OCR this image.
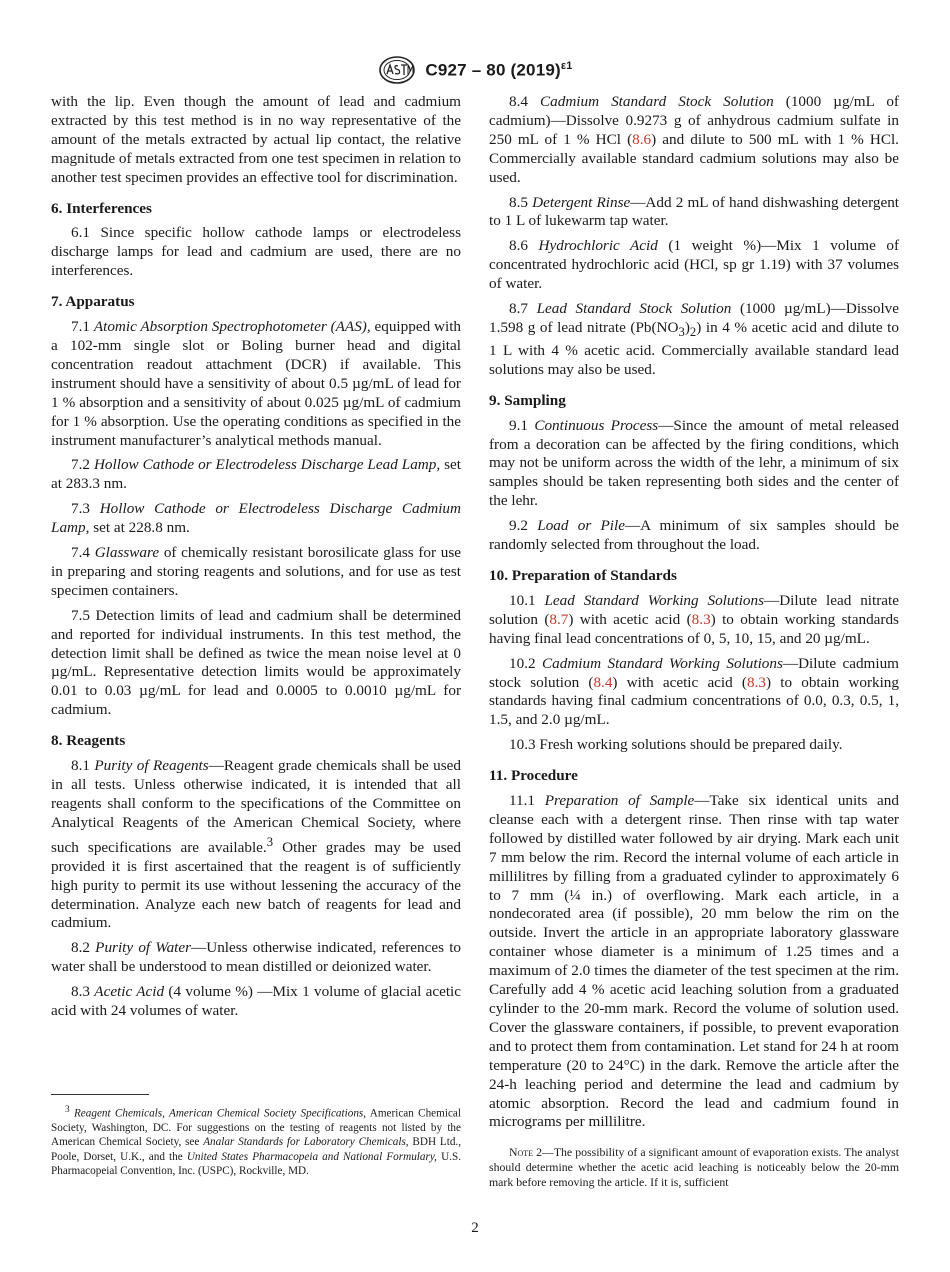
C927 – 80 $(2019)^{\varepsilon 1}$

with the lip. Even though the amount of lead and cadmium extracted by this test method is in no way representative of the amount of the metals extracted by actual lip contact, the relative magnitude of metals extracted from one test specimen in relation to another test specimen provides an effective tool for discrimination.

6. Interferences

6.1 Since specific hollow cathode lamps or electrodeless discharge lamps for lead and cadmium are used, there are no interferences.

7. Apparatus

7.1 Atomic Absorption Spectrophotometer (AAS), equipped with a 102-mm single slot or Boling burner head and digital concentration readout attachment (DCR) if available. This instrument should have a sensitivity of about 0.5 µg/mL of lead for 1 % absorption and a sensitivity of about 0.025 µg/mL of cadmium for 1 % absorption. Use the operating conditions as specified in the instrument manufacturer’s analytical methods manual.

7.2 Hollow Cathode or Electrodeless Discharge Lead Lamp, set at 283.3 nm.

7.3 Hollow Cathode or Electrodeless Discharge Cadmium Lamp, set at 228.8 nm.

7.4 Glassware of chemically resistant borosilicate glass for use in preparing and storing reagents and solutions, and for use as test specimen containers.

7.5 Detection limits of lead and cadmium shall be determined and reported for individual instruments. In this test method, the detection limit shall be defined as twice the mean noise level at 0 µg/mL. Representative detection limits would be approximately 0.01 to 0.03 µg/mL for lead and 0.0005 to 0.0010 µg/mL for cadmium.

8. Reagents

8.1 Purity of Reagents—Reagent grade chemicals shall be used in all tests. Unless otherwise indicated, it is intended that all reagents shall conform to the specifications of the Committee on Analytical Reagents of the American Chemical Society, where such specifications are available.$^3$ Other grades may be used provided it is first ascertained that the reagent is of sufficiently high purity to permit its use without lessening the accuracy of the determination. Analyze each new batch of reagents for lead and cadmium.

8.2 Purity of Water—Unless otherwise indicated, references to water shall be understood to mean distilled or deionized water.

8.3 Acetic Acid (4 volume %) —Mix 1 volume of glacial acetic acid with 24 volumes of water.

$^3$ Reagent Chemicals, American Chemical Society Specifications, American Chemical Society, Washington, DC. For suggestions on the testing of reagents not listed by the American Chemical Society, see Analar Standards for Laboratory Chemicals, BDH Ltd., Poole, Dorset, U.K., and the United States Pharmacopeia and National Formulary, U.S. Pharmacopeial Convention, Inc. (USPC), Rockville, MD.

8.4 Cadmium Standard Stock Solution (1000 µg/mL of cadmium)—Dissolve 0.9273 g of anhydrous cadmium sulfate in 250 mL of 1 % HCl (8.6) and dilute to 500 mL with 1 % HCl. Commercially available standard cadmium solutions may also be used.

8.5 Detergent Rinse—Add 2 mL of hand dishwashing detergent to 1 L of lukewarm tap water.

8.6 Hydrochloric Acid (1 weight %)—Mix 1 volume of concentrated hydrochloric acid (HCl, sp gr 1.19) with 37 volumes of water.

8.7 Lead Standard Stock Solution (1000 µg/mL)—Dissolve 1.598 g of lead nitrate $(Pb(NO_3)_2)$ in 4 % acetic acid and dilute to 1 L with 4 % acetic acid. Commercially available standard lead solutions may also be used.

9. Sampling

9.1 Continuous Process—Since the amount of metal released from a decoration can be affected by the firing conditions, which may not be uniform across the width of the lehr, a minimum of six samples should be taken representing both sides and the center of the lehr.

9.2 Load or Pile—A minimum of six samples should be randomly selected from throughout the load.

10. Preparation of Standards

10.1 Lead Standard Working Solutions—Dilute lead nitrate solution (8.7) with acetic acid (8.3) to obtain working standards having final lead concentrations of 0, 5, 10, 15, and 20 µg/mL.

10.2 Cadmium Standard Working Solutions—Dilute cadmium stock solution (8.4) with acetic acid (8.3) to obtain working standards having final cadmium concentrations of 0.0, 0.3, 0.5, 1, 1.5, and 2.0 µg/mL.

10.3 Fresh working solutions should be prepared daily.

11. Procedure

11.1 Preparation of Sample—Take six identical units and cleanse each with a detergent rinse. Then rinse with tap water followed by distilled water followed by air drying. Mark each unit 7 mm below the rim. Record the internal volume of each article in millilitres by filling from a graduated cylinder to approximately 6 to 7 mm (¼ in.) of overflowing. Mark each article, in a nondecorated area (if possible), 20 mm below the rim on the outside. Invert the article in an appropriate laboratory glassware container whose diameter is a minimum of 1.25 times and a maximum of 2.0 times the diameter of the test specimen at the rim. Carefully add 4 % acetic acid leaching solution from a graduated cylinder to the 20-mm mark. Record the volume of solution used. Cover the glassware containers, if possible, to prevent evaporation and to protect them from contamination. Let stand for 24 h at room temperature (20 to 24°C) in the dark. Remove the article after the 24-h leaching period and determine the lead and cadmium by atomic absorption. Record the lead and cadmium found in micrograms per millilitre.

Note 2—The possibility of a significant amount of evaporation exists. The analyst should determine whether the acetic acid leaching is noticeably below the 20-mm mark before removing the article. If it is, sufficient

2
